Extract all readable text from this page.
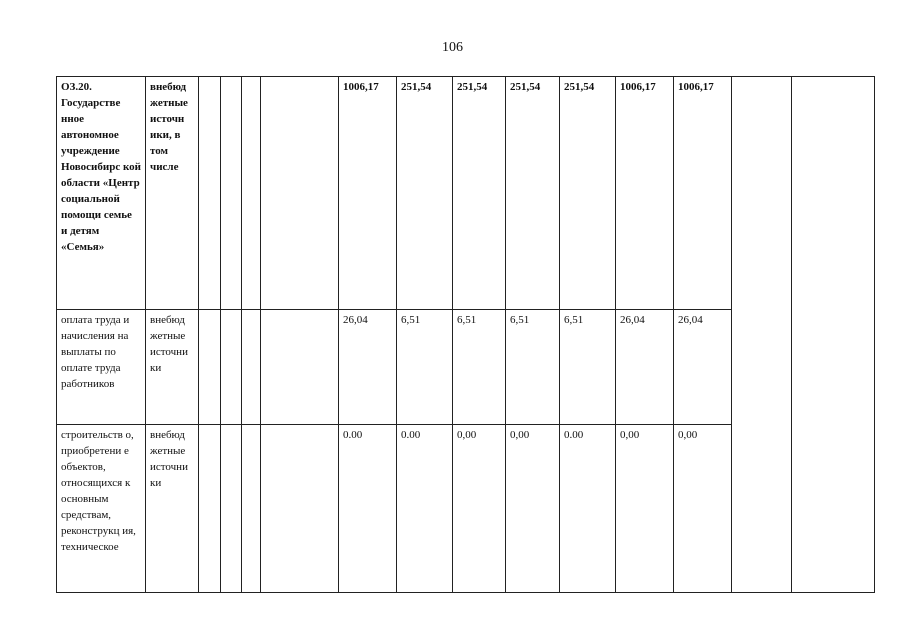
106
ОЗ.20. Государстве нное автономное учреждение Новосибирс кой области «Центр социальной помощи семье и детям «Семья»	внебюд жетные источн ики, в том числе					1006,17	251,54	251,54	251,54	251,54	1006,17	1006,17		
оплата труда и начисления на выплаты по оплате труда работников	внебюд жетные источни ки					26,04	6,51	6,51	6,51	6,51	26,04	26,04		
строительств о, приобретени е объектов, относящихся к основным средствам, реконструкц ия, техническое	внебюд жетные источни ки					0.00	0.00	0,00	0,00	0.00	0,00	0,00		
